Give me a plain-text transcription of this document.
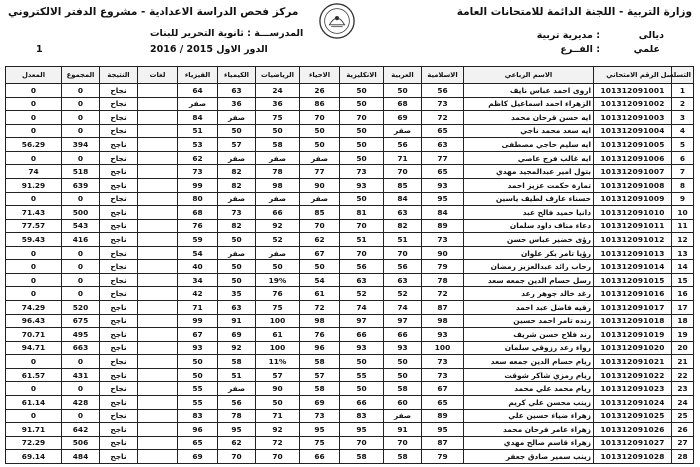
وزارة التربية - اللجنة الدائمة للامتحانات العامة
مركز فحص الدراسة الاعدادية - مشروع الدفتر الالكتروني
مديرية تربية :	ديالى
الفــرع :	علمي
المدرســـة : ثانوية التحرير للبنات
الدور الاول 2015 / 2016
1
التسلسل	الرقم الامتحاني	الاسم الرباعي	الاسلامية	العربية	الانكليزية	الاحياء	الرياضيات	الكيمياء	الفيزياء	لغات	النتيجة	المجموع	المعدل
1	101312091001	اروى احمد عباس نايف	56	50	50	26	24	63	64		نجاح	0	0
2	101312091002	الزهراء احمد اسماعيل كاظم	73	68	50	86	36	36	صفر		نجاح	0	0
3	101312091003	ايه حسن قرحان محمد	72	69	70	70	75	صفر	84		نجاح	0	0
4	101312091004	ايه سعد محمد ناجي	65	صفر	50	50	50	50	51		نجاح	0	0
5	101312091005	ايه سليم حاجي مصطفى	63	56	50	50	58	57	53		ناجح	394	56.29
6	101312091006	ايه غالب فرج عاصي	77	71	50	صفر	صفر	صفر	62		نجاح	0	0
7	101312091007	بتول امير عبدالمجيد مهدي	65	70	73	77	78	82	73		ناجح	518	74
8	101312091008	تمارة حكمت عزيز احمد	93	85	93	90	98	82	99		ناجح	639	91.29
9	101312091009	حسناء عارف لطيف ياسين	95	84	50	صفر	صفر	صفر	80		نجاح	0	0
10	101312091010	دانيا حميد فالح عبد	84	63	81	85	66	73	68		ناجح	500	71.43
11	101312091011	دعاء مناف داود سلمان	89	82	70	70	92	82	76		ناجح	543	77.57
12	101312091012	رؤى خضير عباس حسن	73	51	51	62	52	50	59		ناجح	416	59.43
13	101312091013	رؤيا تامر بكر علوان	90	70	70	67	صفر	صفر	54		نجاح	0	0
14	101312091014	رحاب رائد عبدالعزيز رمضان	79	56	56	50	50	50	40		نجاح	0	0
15	101312091015	رسل حسام الدين جمعه سعد	78	63	63	54	19%	50	34		نجاح	0	0
16	101312091016	رغد خالد جوهر رعد	72	52	52	61	76	35	42		نجاح	0	0
17	101312091017	رقيه فاضل عبد احمد	87	74	74	72	75	63	71		ناجح	520	74.29
18	101312091018	رنده تامر احمد حسين	98	97	97	98	100	91	99		ناجح	675	96.43
19	101312091019	رند فلاح حسن شريف	93	66	66	76	61	69	67		ناجح	495	70.71
20	101312091020	رواء رعد رزوقي سلمان	100	93	93	96	100	92	93		ناجح	663	94.71
21	101312091021	ريام حسام الدين جمعه سعد	73	50	50	58	11%	58	50		نجاح	0	0
22	101312091022	ريام رمزي شاكر شوقت	73	50	55	57	57	51	50		ناجح	431	61.57
23	101312091023	ريام محمد علي محمد	67	58	50	58	90	صفر	55		نجاح	0	0
24	101312091024	زينب محسن علي كريم	65	60	66	69	50	56	55		ناجح	428	61.14
25	101312091025	زهراء ضياء حسين علي	89	صفر	83	73	71	78	83		نجاح	0	0
26	101312091026	زهراء عامر فرحان محمد	95	91	95	95	92	95	96		ناجح	642	91.71
27	101312091027	زهراء قاسم صالح مهدي	87	70	70	75	72	62	65		ناجح	506	72.29
28	101312091028	زينب سمير صادق جعفر	79	58	58	66	70	70	69		ناجح	484	69.14
